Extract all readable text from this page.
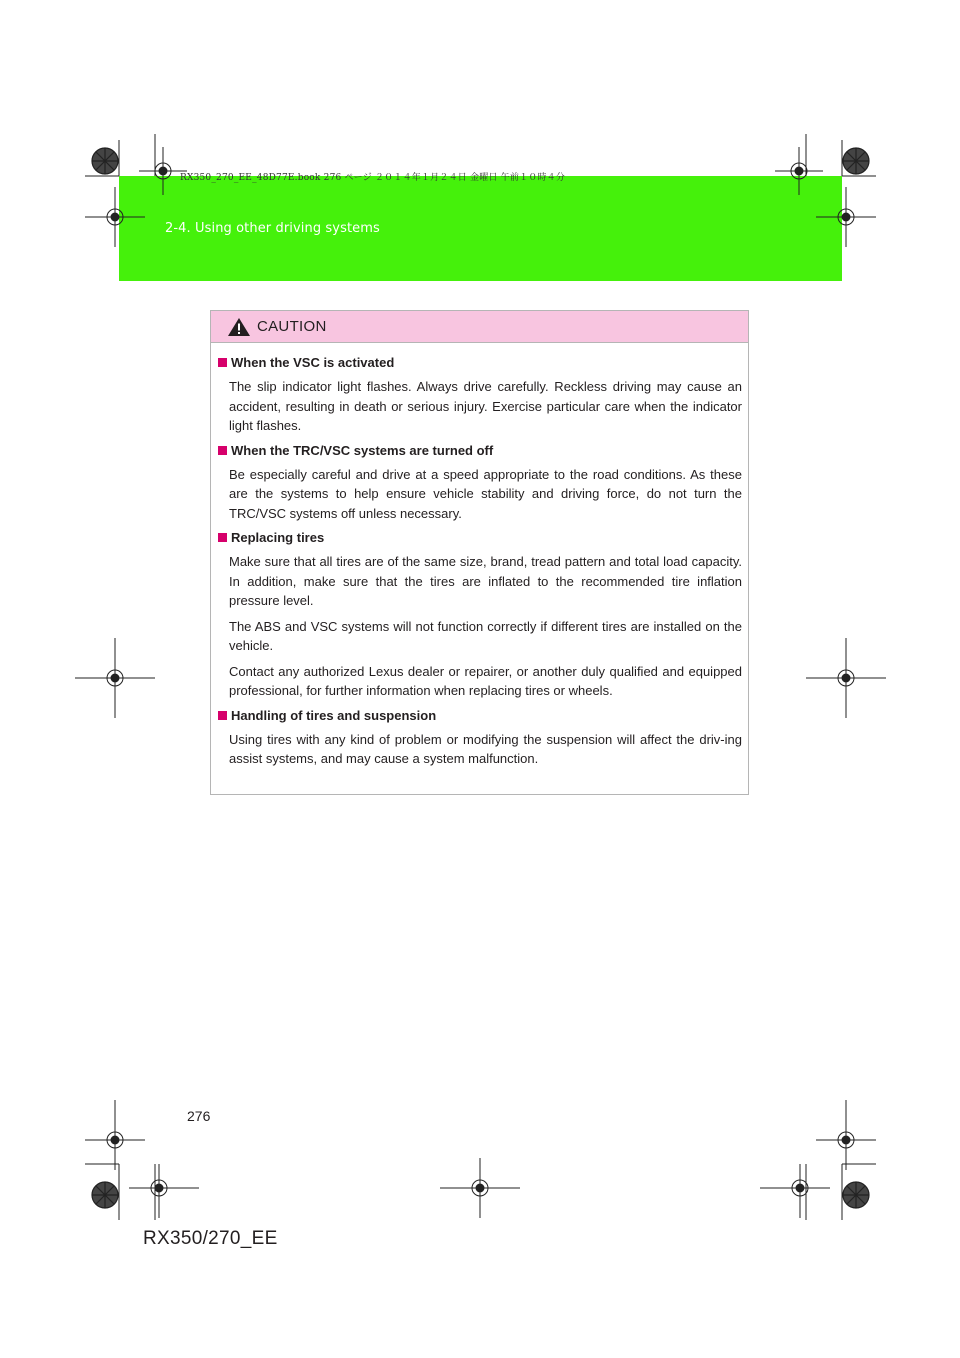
2-4. Using other driving systems
RX350_270_EE_48D77E.book 276 ページ ２０１４年１月２４日 金曜日 午前１０時４分
CAUTION
When the VSC is activated

The slip indicator light flashes. Always drive carefully. Reckless driving may cause an accident, resulting in death or serious injury. Exercise particular care when the indicator light flashes.

When the TRC/VSC systems are turned off

Be especially careful and drive at a speed appropriate to the road conditions. As these are the systems to help ensure vehicle stability and driving force, do not turn the TRC/VSC systems off unless necessary.

Replacing tires

Make sure that all tires are of the same size, brand, tread pattern and total load capacity. In addition, make sure that the tires are inflated to the recommended tire inflation pressure level.

The ABS and VSC systems will not function correctly if different tires are installed on the vehicle.

Contact any authorized Lexus dealer or repairer, or another duly qualified and equipped professional, for further information when replacing tires or wheels.

Handling of tires and suspension

Using tires with any kind of problem or modifying the suspension will affect the driv-ing assist systems, and may cause a system malfunction.

276
RX350/270_EE
